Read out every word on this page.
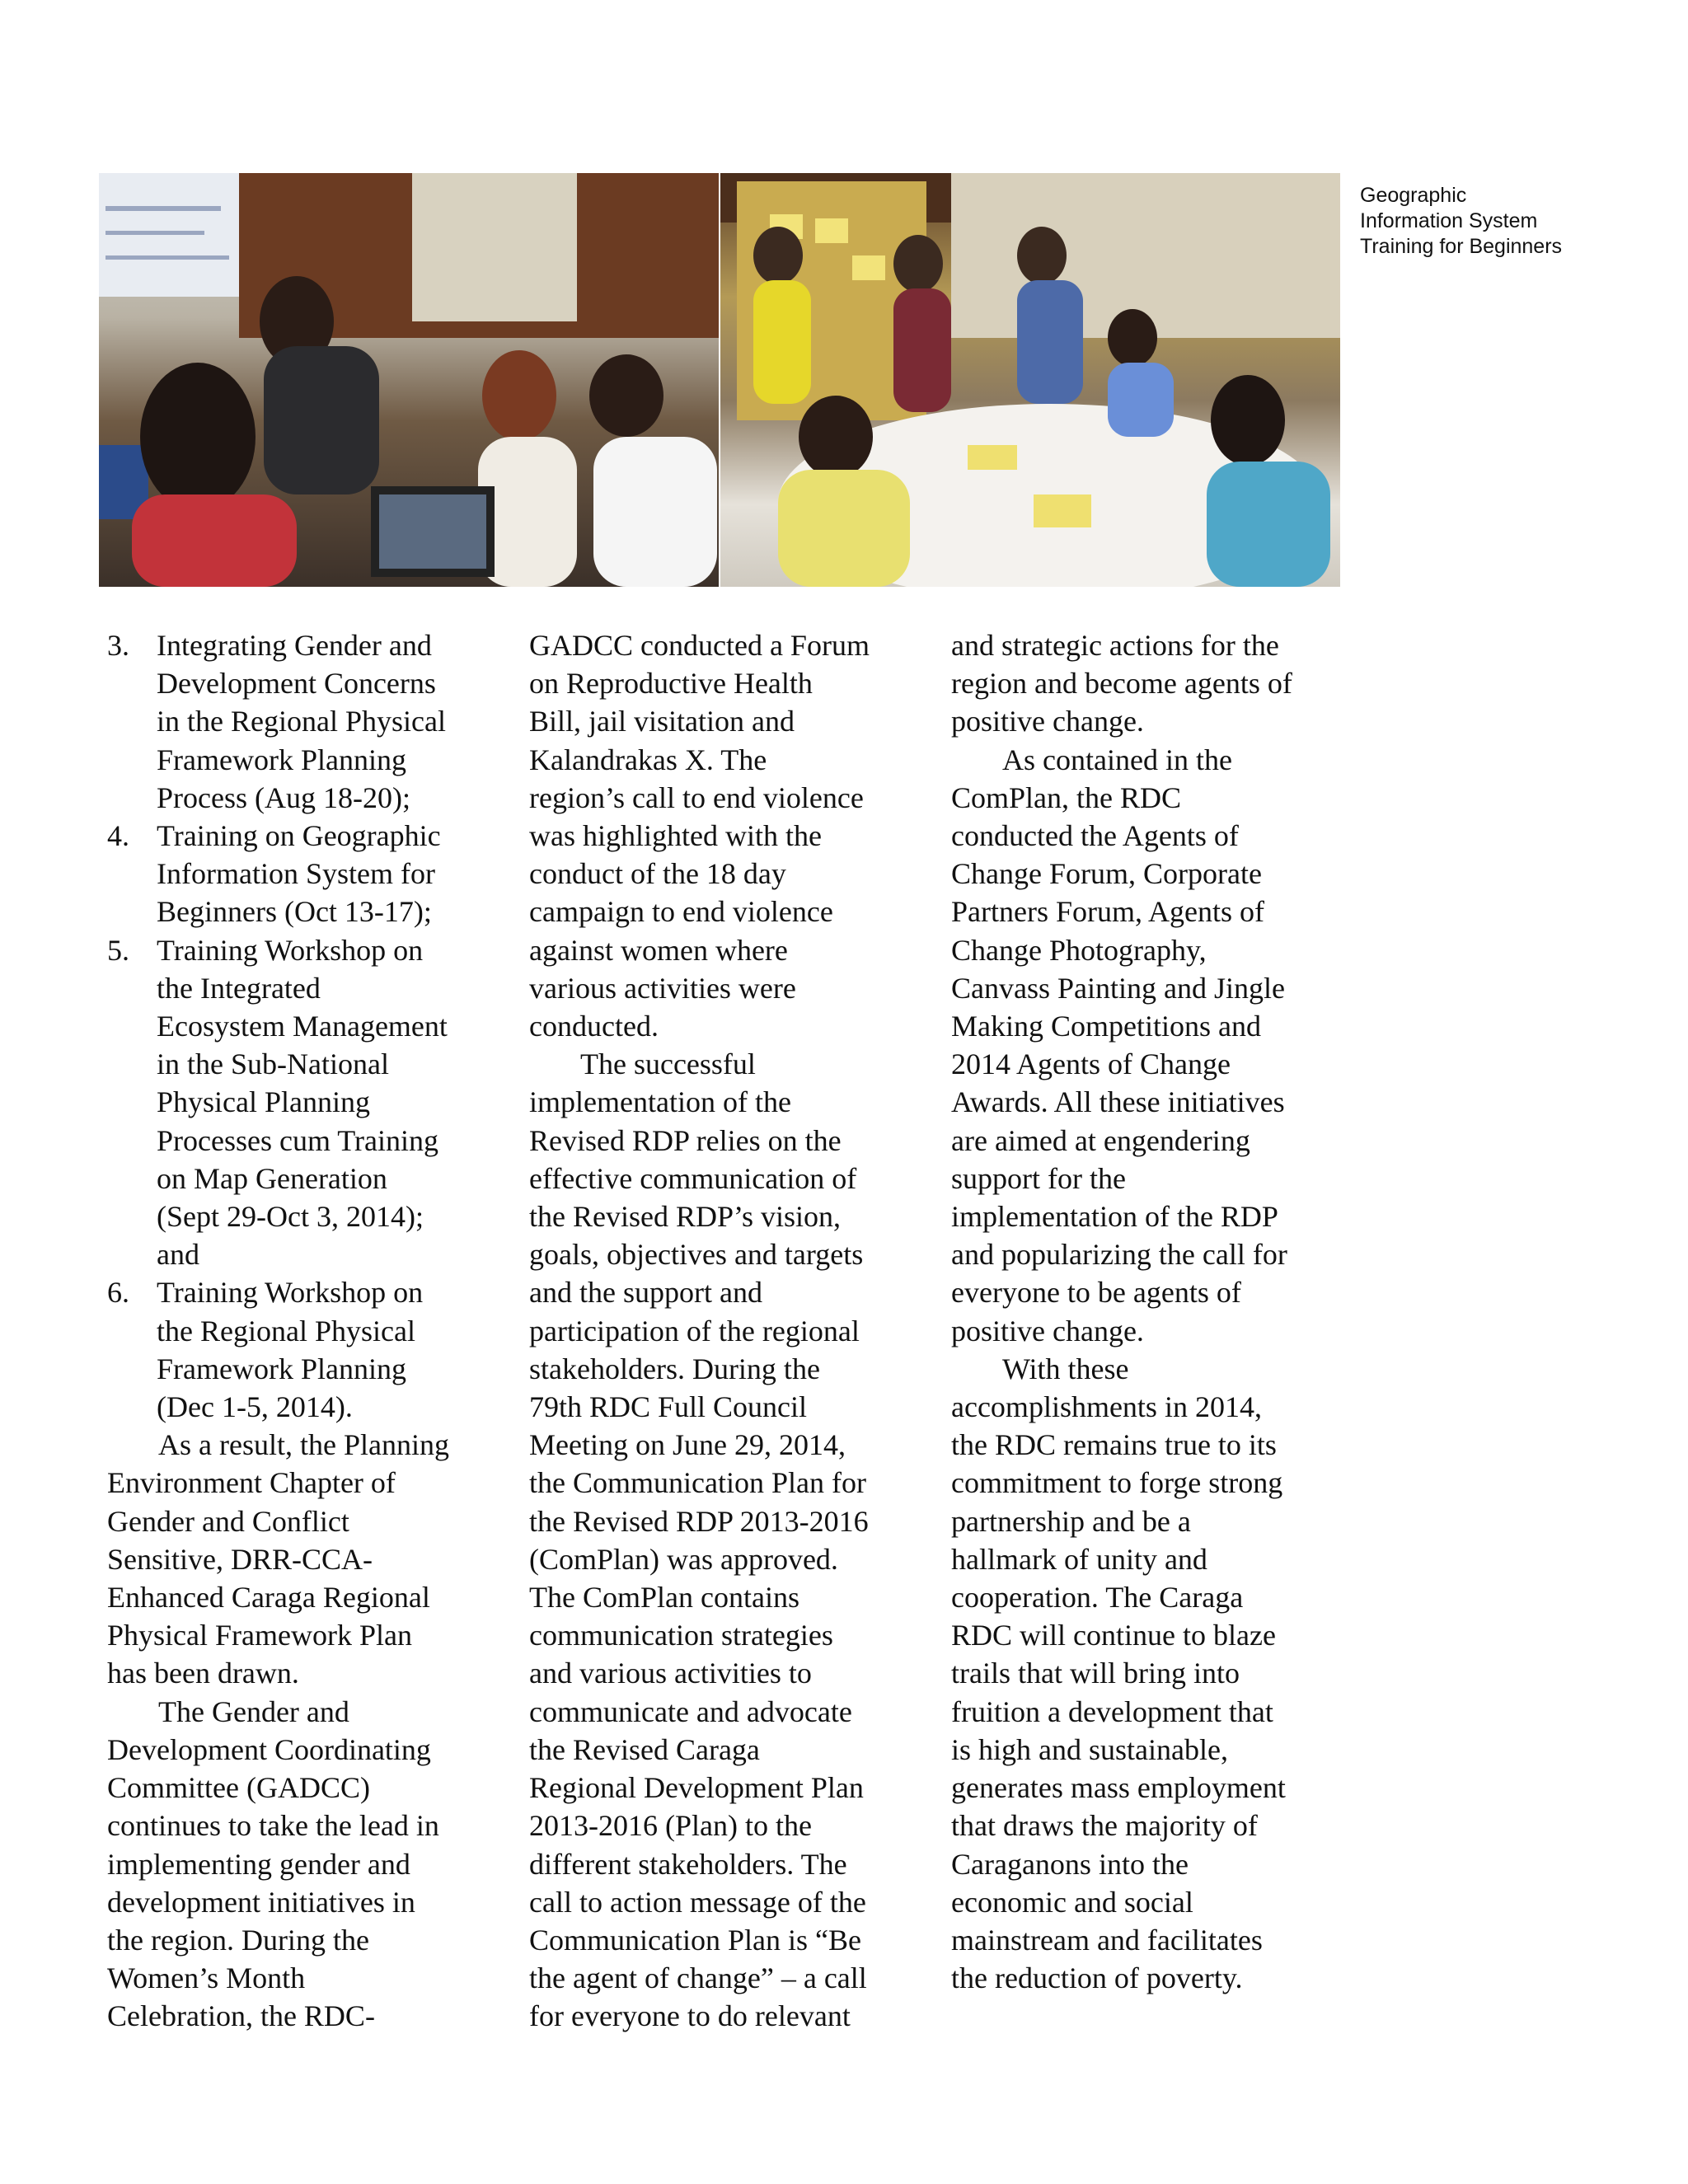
Geographic
Information System
Training for Beginners
3. Integrating Gender and
Development Concerns
in the Regional Physical
Framework Planning
Process (Aug 18-20);
4. Training on Geographic
Information System for
Beginners (Oct 13-17);
5. Training Workshop on
the Integrated
Ecosystem Management
in the Sub-National
Physical Planning
Processes cum Training
on Map Generation
(Sept 29-Oct 3, 2014);
and
6. Training Workshop on
the Regional Physical
Framework Planning
(Dec 1-5, 2014).

As a result, the Planning
Environment Chapter of
Gender and Conflict
Sensitive, DRR-CCA-
Enhanced Caraga Regional
Physical Framework Plan
has been drawn.

The Gender and
Development Coordinating
Committee (GADCC)
continues to take the lead in
implementing gender and
development initiatives in
the region. During the
Women’s Month
Celebration, the RDC-

GADCC conducted a Forum
on Reproductive Health
Bill, jail visitation and
Kalandrakas X. The
region’s call to end violence
was highlighted with the
conduct of the 18 day
campaign to end violence
against women where
various activities were
conducted.

The successful
implementation of the
Revised RDP relies on the
effective communication of
the Revised RDP’s vision,
goals, objectives and targets
and the support and
participation of the regional
stakeholders. During the
79th RDC Full Council
Meeting on June 29, 2014,
the Communication Plan for
the Revised RDP 2013-2016
(ComPlan) was approved.
The ComPlan contains
communication strategies
and various activities to
communicate and advocate
the Revised Caraga
Regional Development Plan
2013-2016 (Plan) to the
different stakeholders. The
call to action message of the
Communication Plan is “Be
the agent of change” – a call
for everyone to do relevant

and strategic actions for the
region and become agents of
positive change.

As contained in the
ComPlan, the RDC
conducted the Agents of
Change Forum, Corporate
Partners Forum, Agents of
Change Photography,
Canvass Painting and Jingle
Making Competitions and
2014 Agents of Change
Awards. All these initiatives
are aimed at engendering
support for the
implementation of the RDP
and popularizing the call for
everyone to be agents of
positive change.

With these
accomplishments in 2014,
the RDC remains true to its
commitment to forge strong
partnership and be a
hallmark of unity and
cooperation. The Caraga
RDC will continue to blaze
trails that will bring into
fruition a development that
is high and sustainable,
generates mass employment
that draws the majority of
Caraganons into the
economic and social
mainstream and facilitates
the reduction of poverty.
